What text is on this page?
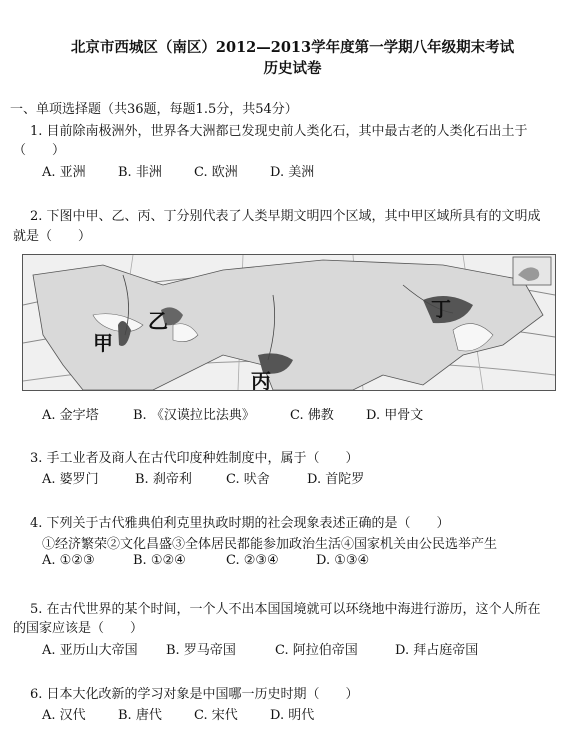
北京市西城区（南区）2012—2013学年度第一学期八年级期末考试
历史试卷
一、单项选择题（共36题，每题1.5分，共54分）
1. 目前除南极洲外，世界各大洲都已发现史前人类化石，其中最古老的人类化石出土于
（　　）
A. 亚洲 B. 非洲 C. 欧洲 D. 美洲
2. 下图中甲、乙、丙、丁分别代表了人类早期文明四个区域，其中甲区域所具有的文明成
就是（　　）
甲
乙
丙
丁
A. 金字塔	B. 《汉谟拉比法典》	C. 佛教 D. 甲骨文
3. 手工业者及商人在古代印度种姓制度中，属于（　　）
A. 婆罗门	B. 刹帝利	C. 吠舍	D. 首陀罗
4. 下列关于古代雅典伯利克里执政时期的社会现象表述正确的是（　　）
①经济繁荣②文化昌盛③全体居民都能参加政治生活④国家机关由公民选举产生
A. ①②③	B. ①②④	C. ②③④	D. ①③④
5. 在古代世界的某个时间，一个人不出本国国境就可以环绕地中海进行游历，这个人所在
的国家应该是（　　）
A. 亚历山大帝国 B. 罗马帝国	C. 阿拉伯帝国	D. 拜占庭帝国
6. 日本大化改新的学习对象是中国哪一历史时期（　　）
A. 汉代 B. 唐代 C. 宋代 D. 明代
